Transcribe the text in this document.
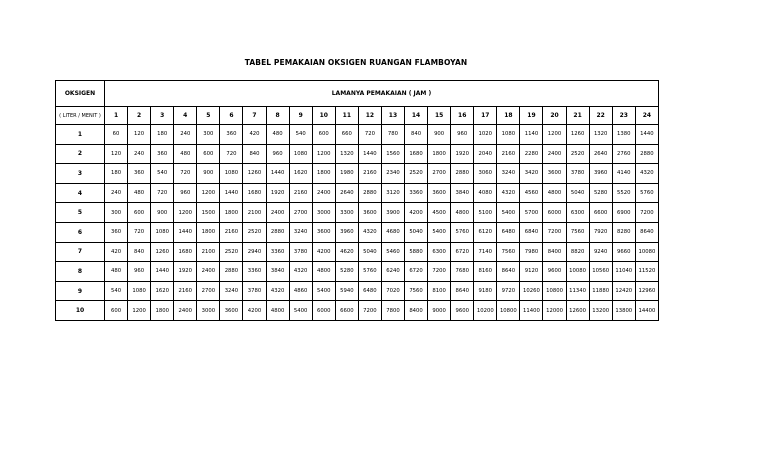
TABEL PEMAKAIAN OKSIGEN RUANGAN FLAMBOYAN
OKSIGEN	LAMANYA PEMAKAIAN ( JAM )																							
( LITER / MENIT )	1	2	3	4	5	6	7	8	9	10	11	12	13	14	15	16	17	18	19	20	21	22	23	24
1	60	120	180	240	300	360	420	480	540	600	660	720	780	840	900	960	1020	1080	1140	1200	1260	1320	1380	1440
2	120	240	360	480	600	720	840	960	1080	1200	1320	1440	1560	1680	1800	1920	2040	2160	2280	2400	2520	2640	2760	2880
3	180	360	540	720	900	1080	1260	1440	1620	1800	1980	2160	2340	2520	2700	2880	3060	3240	3420	3600	3780	3960	4140	4320
4	240	480	720	960	1200	1440	1680	1920	2160	2400	2640	2880	3120	3360	3600	3840	4080	4320	4560	4800	5040	5280	5520	5760
5	300	600	900	1200	1500	1800	2100	2400	2700	3000	3300	3600	3900	4200	4500	4800	5100	5400	5700	6000	6300	6600	6900	7200
6	360	720	1080	1440	1800	2160	2520	2880	3240	3600	3960	4320	4680	5040	5400	5760	6120	6480	6840	7200	7560	7920	8280	8640
7	420	840	1260	1680	2100	2520	2940	3360	3780	4200	4620	5040	5460	5880	6300	6720	7140	7560	7980	8400	8820	9240	9660	10080
8	480	960	1440	1920	2400	2880	3360	3840	4320	4800	5280	5760	6240	6720	7200	7680	8160	8640	9120	9600	10080	10560	11040	11520
9	540	1080	1620	2160	2700	3240	3780	4320	4860	5400	5940	6480	7020	7560	8100	8640	9180	9720	10260	10800	11340	11880	12420	12960
10	600	1200	1800	2400	3000	3600	4200	4800	5400	6000	6600	7200	7800	8400	9000	9600	10200	10800	11400	12000	12600	13200	13800	14400
